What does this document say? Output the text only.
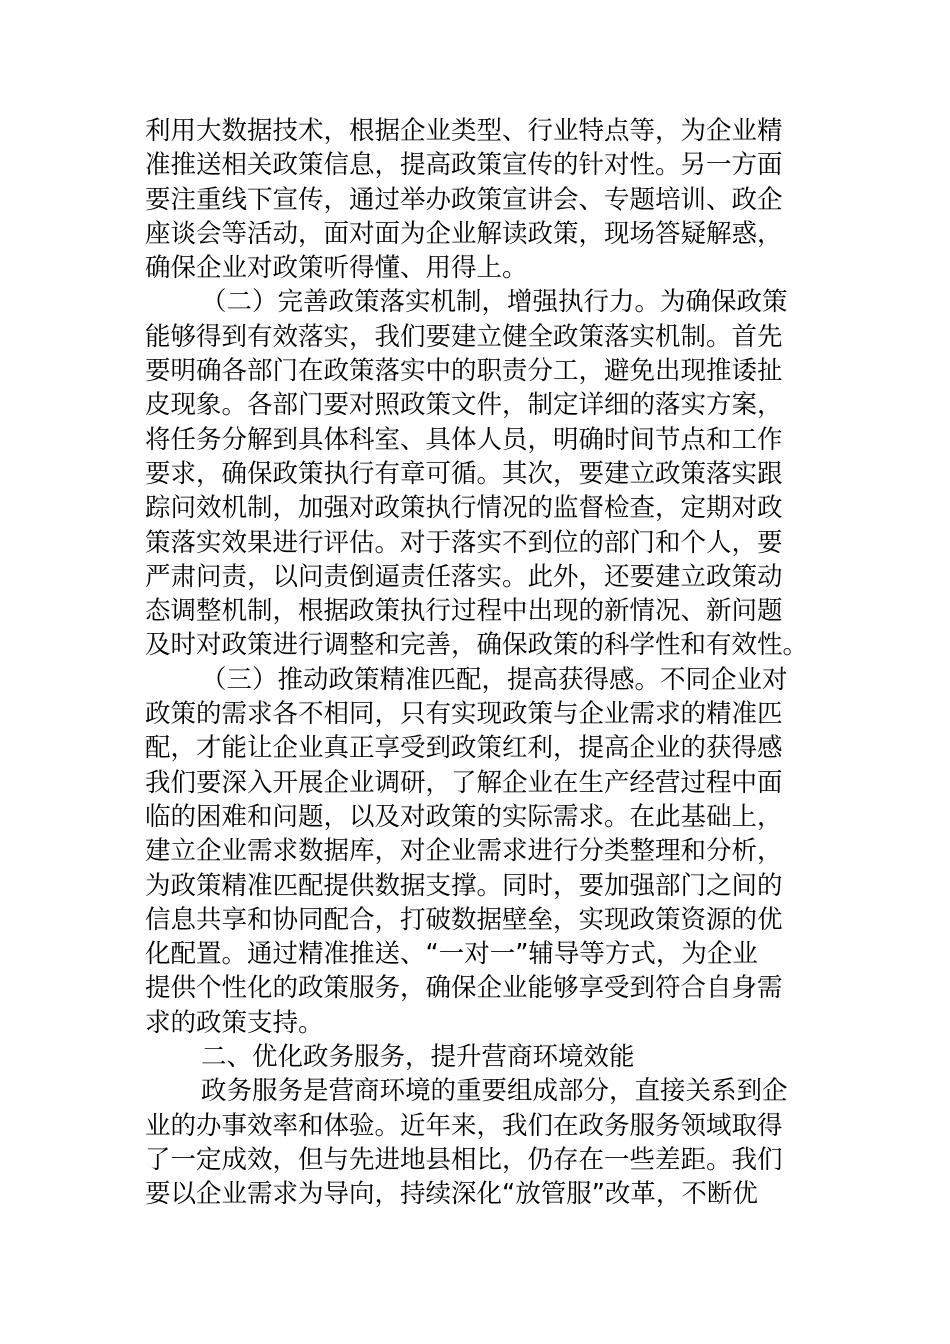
利用大数据技术，根据企业类型、行业特点等，为企业精
准推送相关政策信息，提高政策宣传的针对性。另一方面
要注重线下宣传，通过举办政策宣讲会、专题培训、政企
座谈会等活动，面对面为企业解读政策，现场答疑解惑，
确保企业对政策听得懂、用得上。
（二）完善政策落实机制，增强执行力。为确保政策
能够得到有效落实，我们要建立健全政策落实机制。首先
要明确各部门在政策落实中的职责分工，避免出现推诿扯
皮现象。各部门要对照政策文件，制定详细的落实方案，
将任务分解到具体科室、具体人员，明确时间节点和工作
要求，确保政策执行有章可循。其次，要建立政策落实跟
踪问效机制，加强对政策执行情况的监督检查，定期对政
策落实效果进行评估。对于落实不到位的部门和个人，要
严肃问责，以问责倒逼责任落实。此外，还要建立政策动
态调整机制，根据政策执行过程中出现的新情况、新问题
及时对政策进行调整和完善，确保政策的科学性和有效性。
（三）推动政策精准匹配，提高获得感。不同企业对
政策的需求各不相同，只有实现政策与企业需求的精准匹
配，才能让企业真正享受到政策红利，提高企业的获得感
我们要深入开展企业调研，了解企业在生产经营过程中面
临的困难和问题，以及对政策的实际需求。在此基础上，
建立企业需求数据库，对企业需求进行分类整理和分析，
为政策精准匹配提供数据支撑。同时，要加强部门之间的
信息共享和协同配合，打破数据壁垒，实现政策资源的优
化配置。通过精准推送、“一对一”辅导等方式，为企业
提供个性化的政策服务，确保企业能够享受到符合自身需
求的政策支持。
二、优化政务服务，提升营商环境效能
政务服务是营商环境的重要组成部分，直接关系到企
业的办事效率和体验。近年来，我们在政务服务领域取得
了一定成效，但与先进地县相比，仍存在一些差距。我们
要以企业需求为导向，持续深化“放管服”改革，不断优
